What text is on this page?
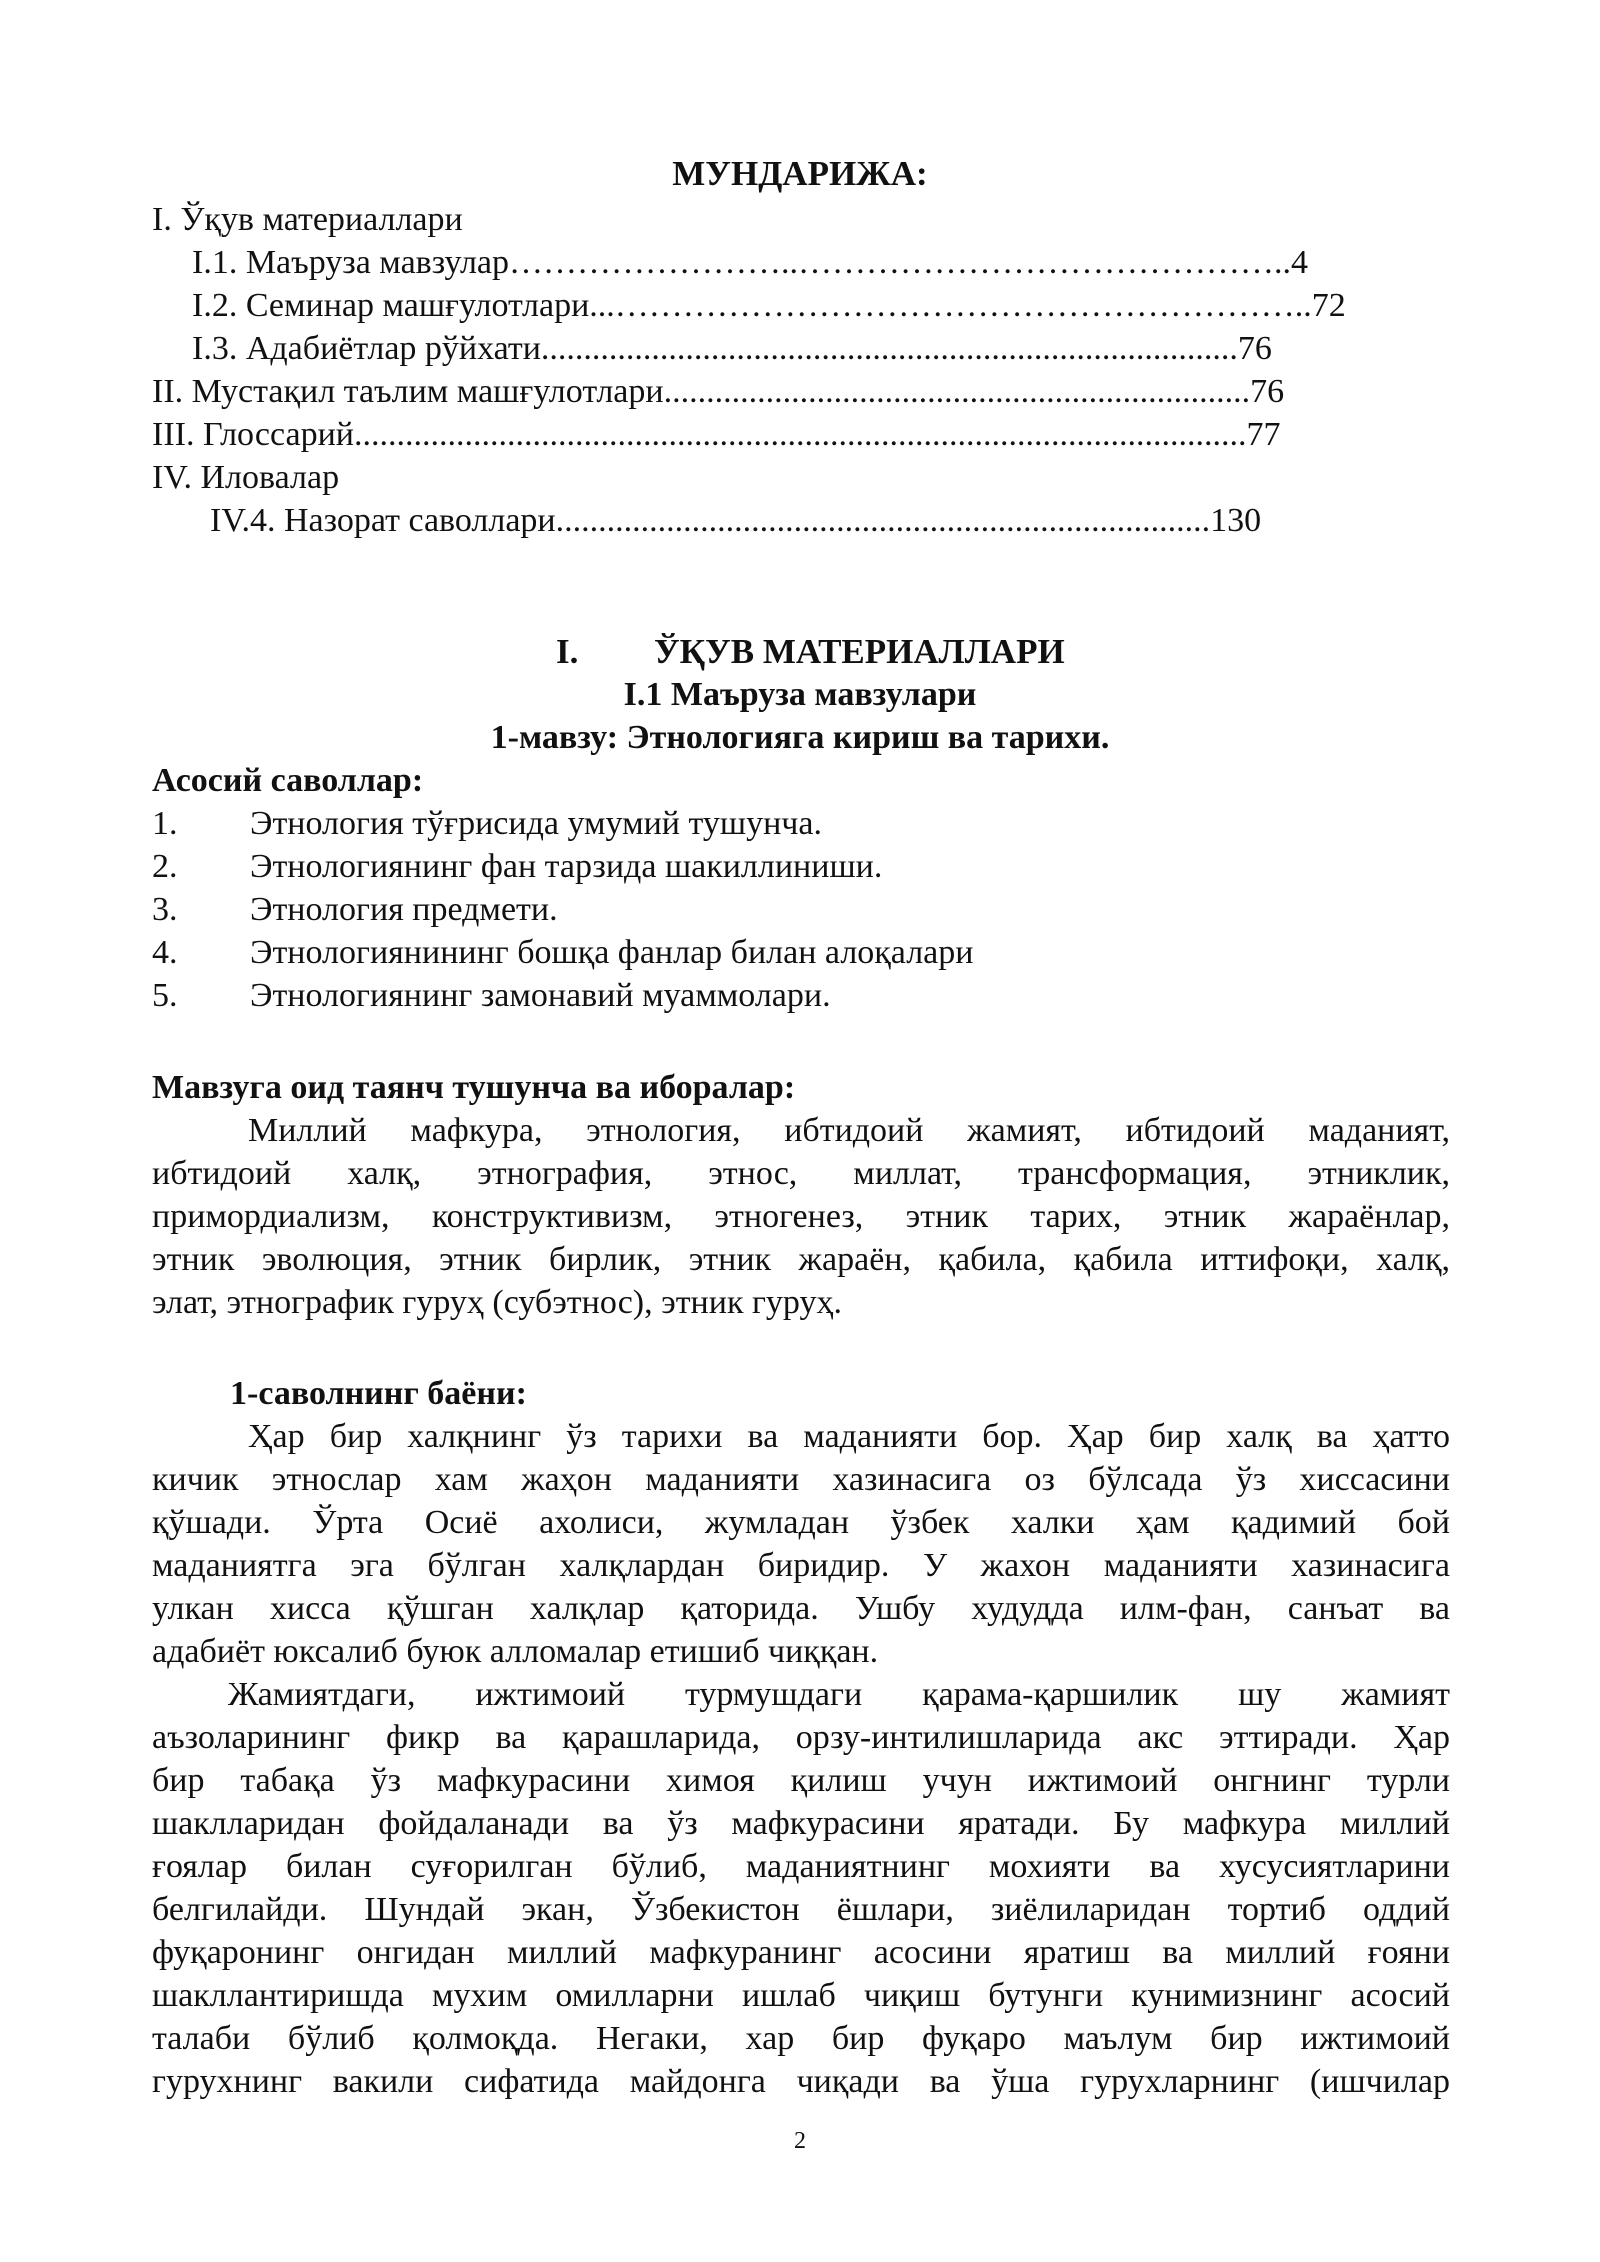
МУНДАРИЖА:
I. Ўқув материаллари
I.1. Маъруза мавзулар……………………..……………………………………..4
I.2. Семинар машғулотлари...……………………………………………………..72
I.3. Адабиётлар рўйхати..................................................................................76
II. Мустақил таълим машғулотлари.....................................................................76
III. Глоссарий.........................................................................................................77
IV. Иловалар
IV.4. Назорат саволлари.............................................................................130
I. ЎҚУВ МАТЕРИАЛЛАРИ
I.1 Маъруза мавзулари
1-мавзу: Этнологияга кириш ва тарихи.
Асосий саволлар:
1. Этнология тўғрисида умумий тушунча.
2. Этнологиянинг фан тарзида шакиллиниши.
3. Этнология предмети.
4. Этнологиянининг бошқа фанлар билан алоқалари
5. Этнологиянинг замонавий муаммолари.
Мавзуга оид таянч тушунча ва иборалар:
Миллий мафкура, этнология, ибтидоий жамият, ибтидоий маданият,
ибтидоий халқ, этнография, этнос, миллат, трансформация, этниклик,
примордиализм, конструктивизм, этногенез, этник тарих, этник жараёнлар,
этник эволюция, этник бирлик, этник жараён, қабила, қабила иттифоқи, халқ,
элат, этнографик гуруҳ (субэтнос), этник гуруҳ.
1-саволнинг баёни:
Ҳар бир халқнинг ўз тарихи ва маданияти бор. Ҳар бир халқ ва ҳатто
кичик этнослар хам жаҳон маданияти хазинасига оз бўлсада ўз хиссасини
қўшади. Ўрта Осиё ахолиси, жумладан ўзбек халки ҳам қадимий бой
маданиятга эга бўлган халқлардан биридир. У жахон маданияти хазинасига
улкан хисса қўшган халқлар қаторида. Ушбу худудда илм-фан, санъат ва
адабиёт юксалиб буюк алломалар етишиб чиққан.
Жамиятдаги, ижтимоий турмушдаги қарама-қаршилик шу жамият
аъзоларининг фикр ва қарашларида, орзу-интилишларида акс эттиради. Ҳар
бир табақа ўз мафкурасини химоя қилиш учун ижтимоий онгнинг турли
шаклларидан фойдаланади ва ўз мафкурасини яратади. Бу мафкура миллий
ғоялар билан суғорилган бўлиб, маданиятнинг мохияти ва хусусиятларини
белгилайди. Шундай экан, Ўзбекистон ёшлари, зиёлиларидан тортиб оддий
фуқаронинг онгидан миллий мафкуранинг асосини яратиш ва миллий ғояни
шакллантиришда мухим омилларни ишлаб чиқиш бутунги кунимизнинг асосий
талаби бўлиб қолмоқда. Негаки, хар бир фуқаро маълум бир ижтимоий
гурухнинг вакили сифатида майдонга чиқади ва ўша гурухларнинг (ишчилар
2
